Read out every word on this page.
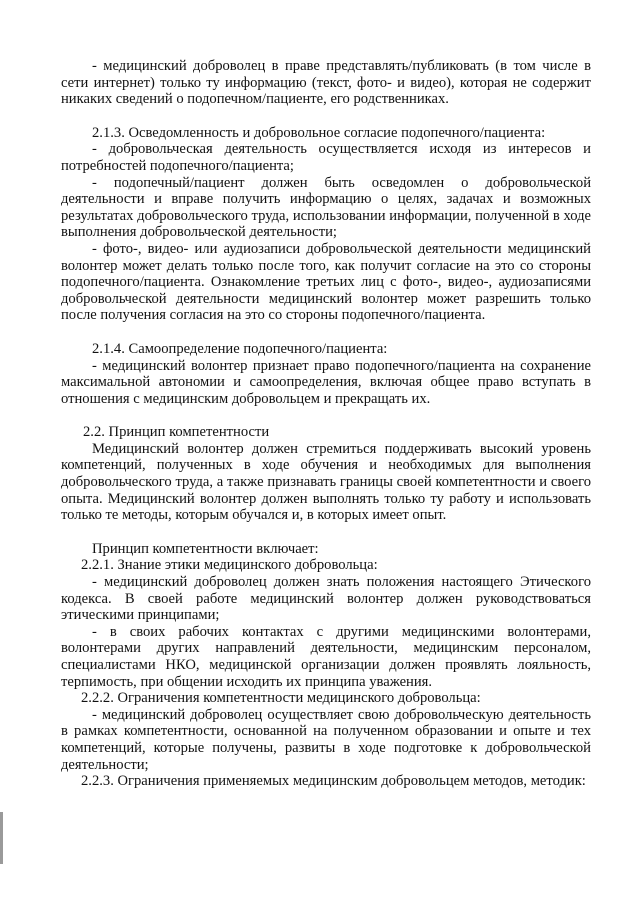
- медицинский доброволец в праве представлять/публиковать (в том числе в сети интернет) только ту информацию (текст, фото- и видео), которая не содержит никаких сведений о подопечном/пациенте, его родственниках.

2.1.3. Осведомленность и добровольное согласие подопечного/пациента:

- добровольческая деятельность осуществляется исходя из интересов и потребностей подопечного/пациента;

- подопечный/пациент должен быть осведомлен о добровольческой деятельности и вправе получить информацию о целях, задачах и возможных результатах добровольческого труда, использовании информации, полученной в ходе выполнения добровольческой деятельности;

- фото-, видео- или аудиозаписи добровольческой деятельности медицинский волонтер может делать только после того, как получит согласие на это со стороны подопечного/пациента. Ознакомление третьих лиц с фото-, видео-, аудиозаписями добровольческой деятельности медицинский волонтер может разрешить только после получения согласия на это со стороны подопечного/пациента.

2.1.4. Самоопределение подопечного/пациента:

- медицинский волонтер признает право подопечного/пациента на сохранение максимальной автономии и самоопределения, включая общее право вступать в отношения с медицинским добровольцем и прекращать их.

2.2. Принцип компетентности

Медицинский волонтер должен стремиться поддерживать высокий уровень компетенций, полученных в ходе обучения и необходимых для выполнения добровольческого труда, а также признавать границы своей компетентности и своего опыта. Медицинский волонтер должен выполнять только ту работу и использовать только те методы, которым обучался и, в которых имеет опыт.

Принцип компетентности включает:

2.2.1. Знание этики медицинского добровольца:

- медицинский доброволец должен знать положения настоящего Этического кодекса. В своей работе медицинский волонтер должен руководствоваться этическими принципами;

- в своих рабочих контактах с другими медицинскими волонтерами, волонтерами других направлений деятельности, медицинским персоналом, специалистами НКО, медицинской организации должен проявлять лояльность, терпимость, при общении исходить их принципа уважения.

2.2.2. Ограничения компетентности медицинского добровольца:

- медицинский доброволец осуществляет свою добровольческую деятельность в рамках компетентности, основанной на полученном образовании и опыте и тех компетенций, которые получены, развиты в ходе подготовке к добровольческой деятельности;

2.2.3. Ограничения применяемых медицинским добровольцем методов, методик:
